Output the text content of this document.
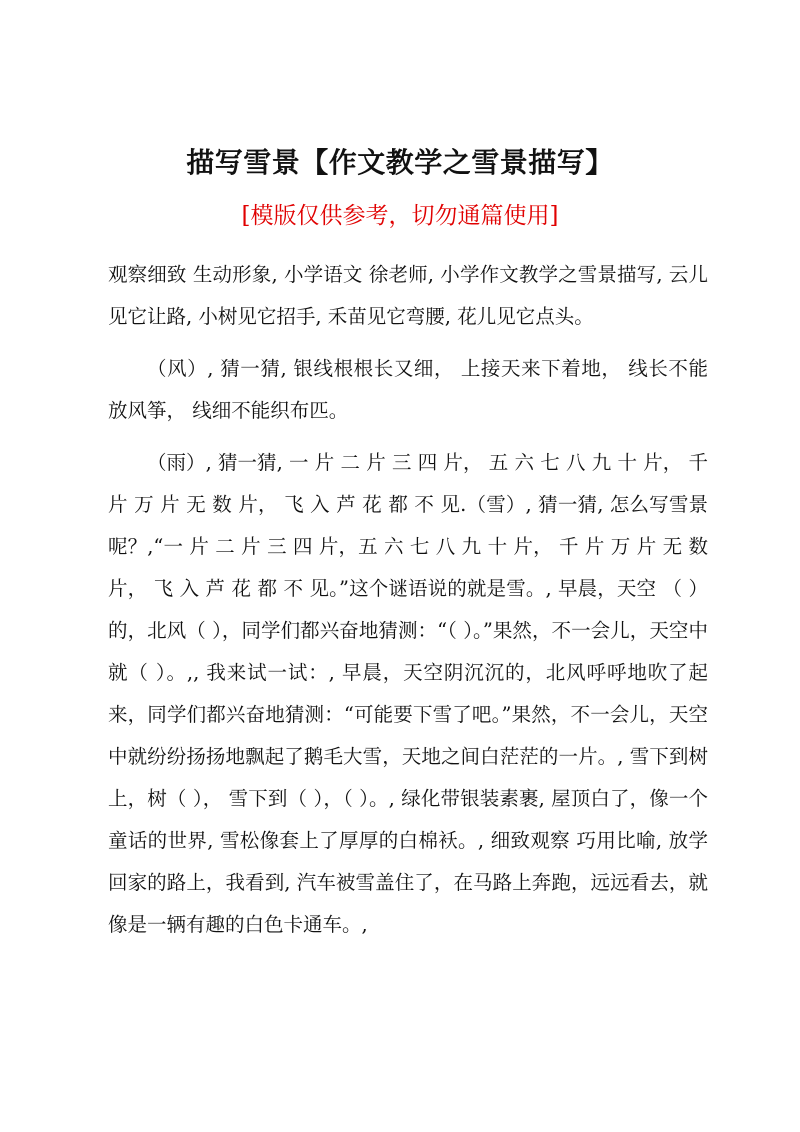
描写雪景【作文教学之雪景描写】
[模版仅供参考，切勿通篇使用]

观察细致 生动形象, 小学语文 徐老师, 小学作文教学之雪景描写, 云儿见它让路, 小树见它招手, 禾苗见它弯腰, 花儿见它点头。

（风）, 猜一猜, 银线根根长又细， 上接天来下着地， 线长不能放风筝， 线细不能织布匹。

（雨）, 猜一猜, 一 片 二 片 三 四 片， 五 六 七 八 九 十 片， 千 片 万 片 无 数 片， 飞 入 芦 花 都 不 见.（雪）, 猜一猜, 怎么写雪景呢？,“一 片 二 片 三 四 片，五 六 七 八 九 十 片， 千 片 万 片 无 数 片， 飞 入 芦 花 都 不 见。”这个谜语说的就是雪。, 早晨，天空 （ ） 的，北风（ ），同学们都兴奋地猜测：“（ ）。”果然，不一会儿，天空中就（ ）。,, 我来试一试：, 早晨，天空阴沉沉的，北风呼呼地吹了起来，同学们都兴奋地猜测：“可能要下雪了吧。”果然，不一会儿，天空中就纷纷扬扬地飘起了鹅毛大雪，天地之间白茫茫的一片。, 雪下到树上，树（ ）， 雪下到（ ），（ ）。, 绿化带银装素裹, 屋顶白了，像一个童话的世界, 雪松像套上了厚厚的白棉袄。, 细致观察 巧用比喻, 放学回家的路上，我看到, 汽车被雪盖住了，在马路上奔跑，远远看去，就像是一辆有趣的白色卡通车。,
